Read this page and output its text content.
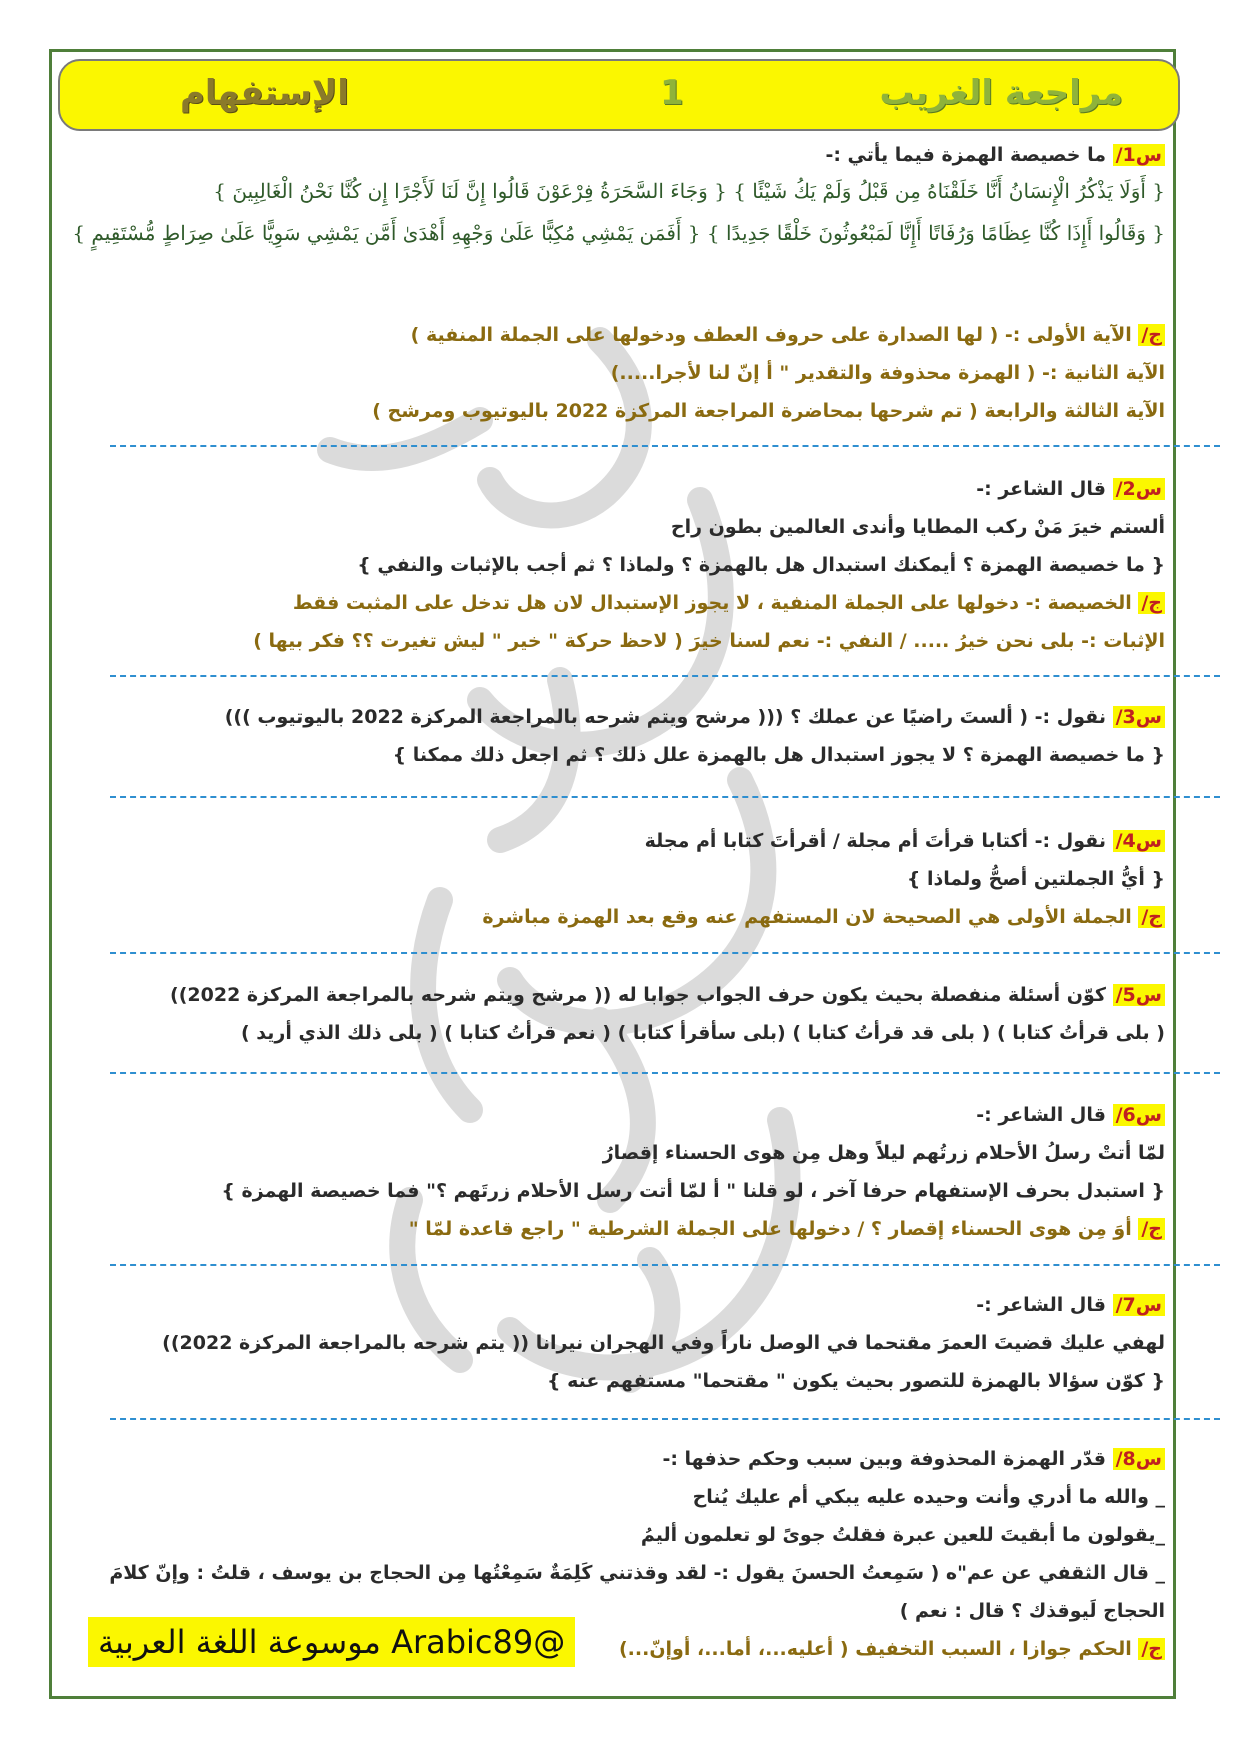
مراجعة الغريب
1
الإستفهام
س1/ ما خصيصة الهمزة فيما يأتي :-
{ أَوَلَا يَذْكُرُ الْإِنسَانُ أَنَّا خَلَقْنَاهُ مِن قَبْلُ وَلَمْ يَكُ شَيْئًا } { وَجَاءَ السَّحَرَةُ فِرْعَوْنَ قَالُوا إِنَّ لَنَا لَأَجْرًا إِن كُنَّا نَحْنُ الْغَالِبِينَ }
{ وَقَالُوا أَإِذَا كُنَّا عِظَامًا وَرُفَاتًا أَإِنَّا لَمَبْعُوثُونَ خَلْقًا جَدِيدًا } { أَفَمَن يَمْشِي مُكِبًّا عَلَىٰ وَجْهِهِ أَهْدَىٰ أَمَّن يَمْشِي سَوِيًّا عَلَىٰ صِرَاطٍ مُّسْتَقِيمٍ }
ج/ الآية الأولى :- ( لها الصدارة على حروف العطف ودخولها على الجملة المنفية )
الآية الثانية :- ( الهمزة محذوفة والتقدير " أ إنّ لنا لأجرا.....)
الآية الثالثة والرابعة ( تم شرحها بمحاضرة المراجعة المركزة 2022 باليوتيوب ومرشح )
س2/ قال الشاعر :-
ألستم خيرَ مَنْ ركب المطايا وأندى العالمين بطون راح
{ ما خصيصة الهمزة ؟ أيمكنك استبدال هل بالهمزة ؟ ولماذا ؟ ثم أجب بالإثبات والنفي }
ج/ الخصيصة :- دخولها على الجملة المنفية ، لا يجوز الإستبدال لان هل تدخل على المثبت فقط
الإثبات :- بلى نحن خيرُ ..... / النفي :- نعم لسنا خيرَ ( لاحظ حركة " خير " ليش تغيرت ؟؟ فكر بيها )
س3/ نقول :- ( ألستَ راضيًا عن عملك ؟ ((( مرشح ويتم شرحه بالمراجعة المركزة 2022 باليوتيوب )))
{ ما خصيصة الهمزة ؟ لا يجوز استبدال هل بالهمزة علل ذلك ؟ ثم اجعل ذلك ممكنا }
س4/ نقول :- أكتابا قرأتَ أم مجلة / أقرأتَ كتابا أم مجلة
{ أيُّ الجملتين أصحُّ ولماذا }
ج/ الجملة الأولى هي الصحيحة لان المستفهم عنه وقع بعد الهمزة مباشرة
س5/ كوّن أسئلة منفصلة بحيث يكون حرف الجواب جوابا له (( مرشح ويتم شرحه بالمراجعة المركزة 2022))
( بلى قرأتُ كتابا ) ( بلى قد قرأتُ كتابا ) (بلى سأقرأ كتابا ) ( نعم قرأتُ كتابا ) ( بلى ذلك الذي أريد )
س6/ قال الشاعر :-
لمّا أتتْ رسلُ الأحلام زرتُهم ليلاً وهل مِن هوى الحسناء إقصارُ
{ استبدل بحرف الإستفهام حرفا آخر ، لو قلنا " أ لمّا أتت رسل الأحلام زرتَهم ؟" فما خصيصة الهمزة }
ج/ أوَ مِن هوى الحسناء إقصار ؟ / دخولها على الجملة الشرطية " راجع قاعدة لمّا "
س7/ قال الشاعر :-
لهفي عليك قضيتَ العمرَ مقتحما في الوصل ناراً وفي الهجران نيرانا (( يتم شرحه بالمراجعة المركزة 2022))
{ كوّن سؤالا بالهمزة للتصور بحيث يكون " مقتحما" مستفهم عنه }
س8/ قدّر الهمزة المحذوفة وبين سبب وحكم حذفها :-
_ والله ما أدري وأنت وحيده عليه يبكي أم عليك يُناح
_يقولون ما أبقيتَ للعين عبرة فقلتُ جوىً لو تعلمون أليمُ
_ قال الثقفي عن عم"ه ( سَمِعتُ الحسنَ يقول :- لقد وقذتني كَلِمَةٌ سَمِعْتُها مِن الحجاج بن يوسف ، قلتُ : وإنّ كلامَ
الحجاج لَيوقذك ؟ قال : نعم )
ج/ الحكم جوازا ، السبب التخفيف ( أعليه...، أما...، أوإنّ...)
موسوعة اللغة العربية Arabic89@
